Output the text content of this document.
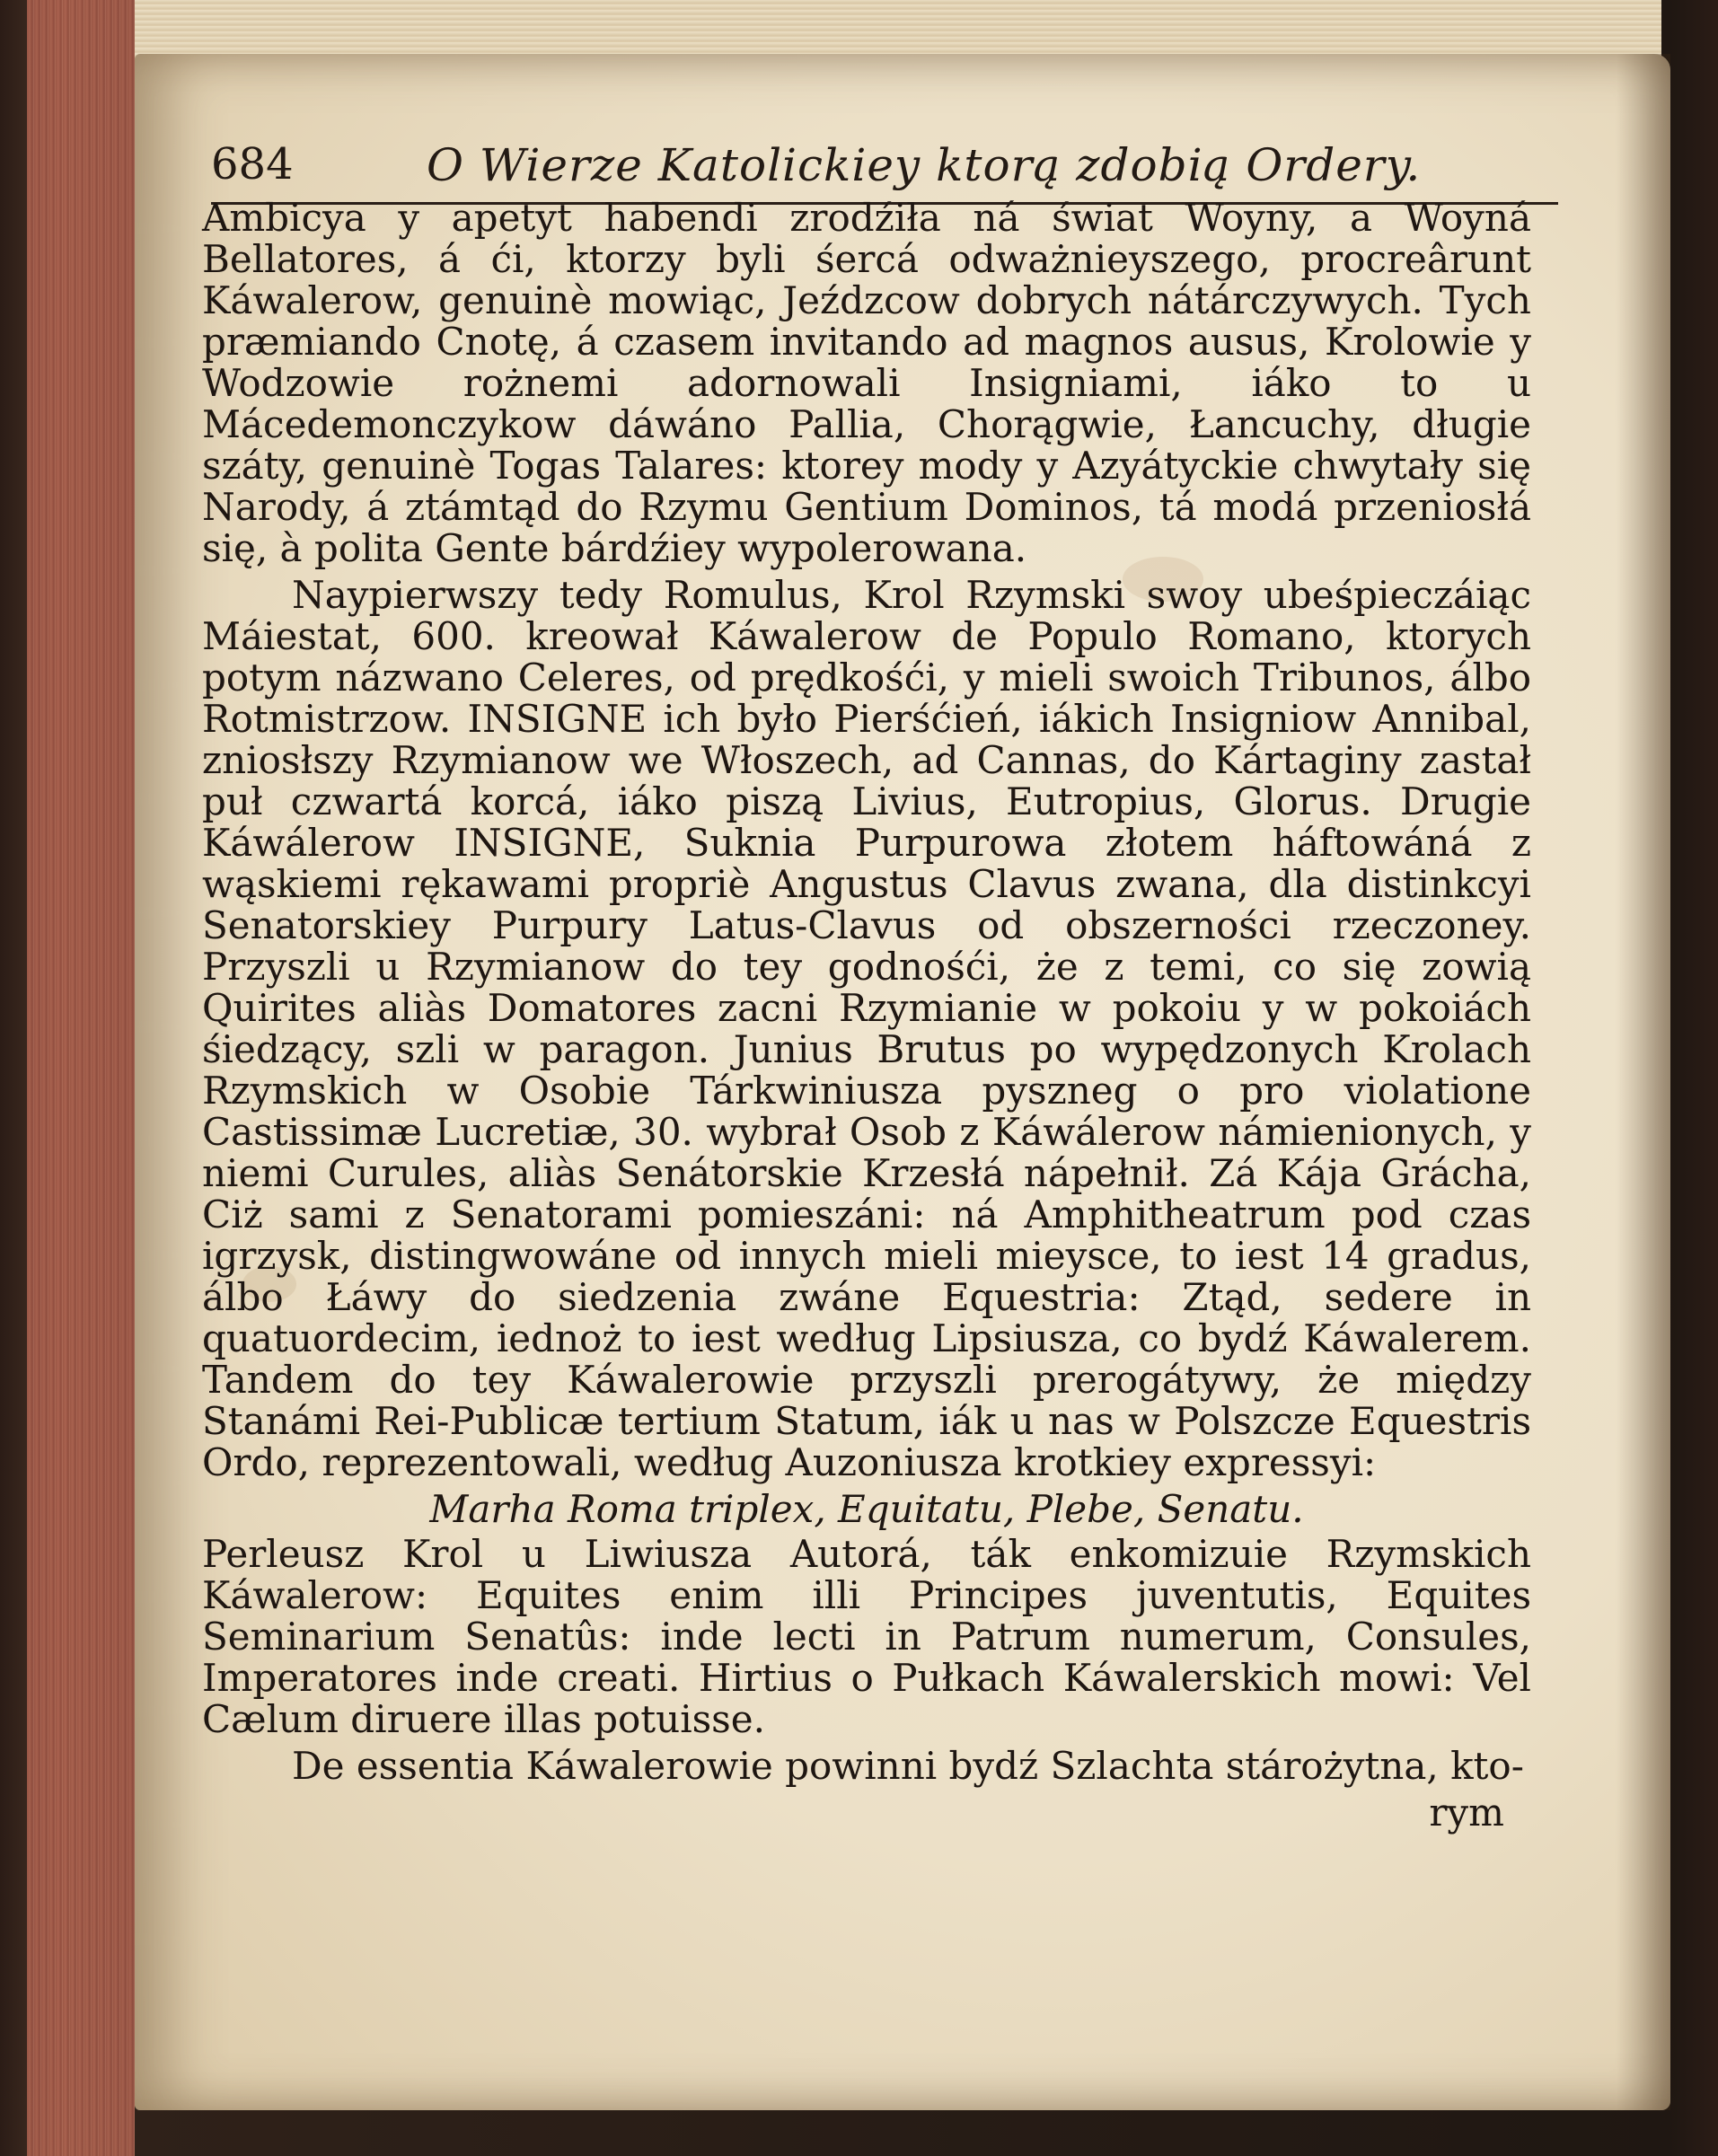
684	O Wierze Katolickiey ktorą zdobią Ordery.

Ambicya y apetyt habendi zrodźiła ná świat Woyny, a Woyná Bellatores, á ći, ktorzy byli śercá odważnieyszego, procreârunt Káwalerow, genuinè mowiąc, Jeźdzcow dobrych nátárczywych. Tych præmiando Cnotę, á czasem invitando ad magnos ausus, Krolowie y Wodzowie rożnemi adornowali Insigniami, iáko to u Mácedemonczykow dáwáno Pallia, Chorągwie, Łancuchy, długie száty, genuinè Togas Talares: ktorey mody y Azyátyckie chwytały się Narody, á ztámtąd do Rzymu Gentium Dominos, tá modá przeniosłá się, à polita Gente bárdźiey wypolerowana.

Naypierwszy tedy Romulus, Krol Rzymski swoy ubeśpieczáiąc Máiestat, 600. kreował Káwalerow de Populo Romano, ktorych potym názwano Celeres, od prędkośći, y mieli swoich Tribunos, álbo Rotmistrzow. INSIGNE ich było Pierśćień, iákich Insigniow Annibal, zniosłszy Rzymianow we Włoszech, ad Cannas, do Kártaginy zastał puł czwartá korcá, iáko piszą Livius, Eutropius, Glorus. Drugie Káwálerow INSIGNE, Suknia Purpurowa złotem háftowáná z wąskiemi rękawami propriè Angustus Clavus zwana, dla distinkcyi Senatorskiey Purpury Latus-Clavus od obszerności rzeczoney. Przyszli u Rzymianow do tey godnośći, że z temi, co się zowią Quirites aliàs Domatores zacni Rzymianie w pokoiu y w pokoiách śiedzący, szli w paragon. Junius Brutus po wypędzonych Krolach Rzymskich w Osobie Tárkwiniusza pyszneg o pro violatione Castissimæ Lucretiæ, 30. wybrał Osob z Káwálerow námienionych, y niemi Curules, aliàs Senátorskie Krzesłá nápełnił. Zá Kája Grácha, Ciż sami z Senatorami pomieszáni: ná Amphitheatrum pod czas igrzysk, distingwowáne od innych mieli mieysce, to iest 14 gradus, álbo Łáwy do siedzenia zwáne Equestria: Ztąd, sedere in quatuordecim, iednoż to iest według Lipsiusza, co bydź Káwalerem. Tandem do tey Káwalerowie przyszli prerogátywy, że między Stanámi Rei-Publicæ tertium Statum, iák u nas w Polszcze Equestris Ordo, reprezentowali, według Auzoniusza krotkiey expressyi:

Marha Roma triplex, Equitatu, Plebe, Senatu.

Perleusz Krol u Liwiusza Autorá, ták enkomizuie Rzymskich Káwalerow: Equites enim illi Principes juventutis, Equites Seminarium Senatûs: inde lecti in Patrum numerum, Consules, Imperatores inde creati. Hirtius o Pułkach Káwalerskich mowi: Vel Cælum diruere illas potuisse.

De essentia Káwalerowie powinni bydź Szlachta stárożytna, kto-

rym
